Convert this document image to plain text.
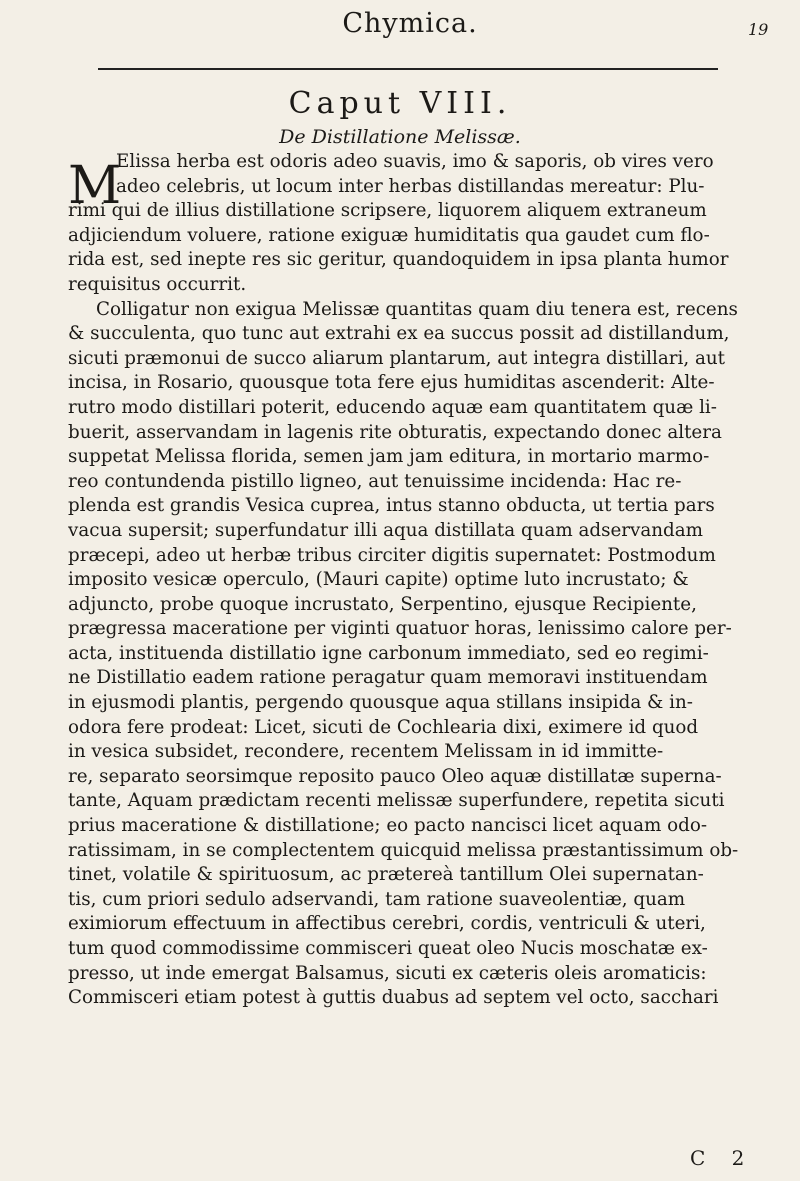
Chymica.	19
Caput VIII.
De Distillatione Melissæ.
M
Elissa herba est odoris adeo suavis, imo & saporis, ob vires vero
adeo celebris, ut locum inter herbas distillandas mereatur: Plu-
rimi qui de illius distillatione scripsere, liquorem aliquem extraneum
adjiciendum voluere, ratione exiguæ humiditatis qua gaudet cum flo-
rida est, sed inepte res sic geritur, quandoquidem in ipsa planta humor
requisitus occurrit.
Colligatur non exigua Melissæ quantitas quam diu tenera est, recens
& succulenta, quo tunc aut extrahi ex ea succus possit ad distillandum,
sicuti præmonui de succo aliarum plantarum, aut integra distillari, aut
incisa, in Rosario, quousque tota fere ejus humiditas ascenderit: Alte-
rutro modo distillari poterit, educendo aquæ eam quantitatem quæ li-
buerit, asservandam in lagenis rite obturatis, expectando donec altera
suppetat Melissa florida, semen jam jam editura, in mortario marmo-
reo contundenda pistillo ligneo, aut tenuissime incidenda: Hac re-
plenda est grandis Vesica cuprea, intus stanno obducta, ut tertia pars
vacua supersit; superfundatur illi aqua distillata quam adservandam
præcepi, adeo ut herbæ tribus circiter digitis supernatet: Postmodum
imposito vesicæ operculo, (Mauri capite) optime luto incrustato; &
adjuncto, probe quoque incrustato, Serpentino, ejusque Recipiente,
prægressa maceratione per viginti quatuor horas, lenissimo calore per-
acta, instituenda distillatio igne carbonum immediato, sed eo regimi-
ne Distillatio eadem ratione peragatur quam memoravi instituendam
in ejusmodi plantis, pergendo quousque aqua stillans insipida & in-
odora fere prodeat: Licet, sicuti de Cochlearia dixi, eximere id quod
in vesica subsidet, recondere, recentem Melissam in id immitte-
re, separato seorsimque reposito pauco Oleo aquæ distillatæ superna-
tante, Aquam prædictam recenti melissæ superfundere, repetita sicuti
prius maceratione & distillatione; eo pacto nancisci licet aquam odo-
ratissimam, in se complectentem quicquid melissa præstantissimum ob-
tinet, volatile & spirituosum, ac prætereà tantillum Olei supernatan-
tis, cum priori sedulo adservandi, tam ratione suaveolentiæ, quam
eximiorum effectuum in affectibus cerebri, cordis, ventriculi & uteri,
tum quod commodissime commisceri queat oleo Nucis moschatæ ex-
presso, ut inde emergat Balsamus, sicuti ex cæteris oleis aromaticis:
Commisceri etiam potest à guttis duabus ad septem vel octo, sacchari
C 2
